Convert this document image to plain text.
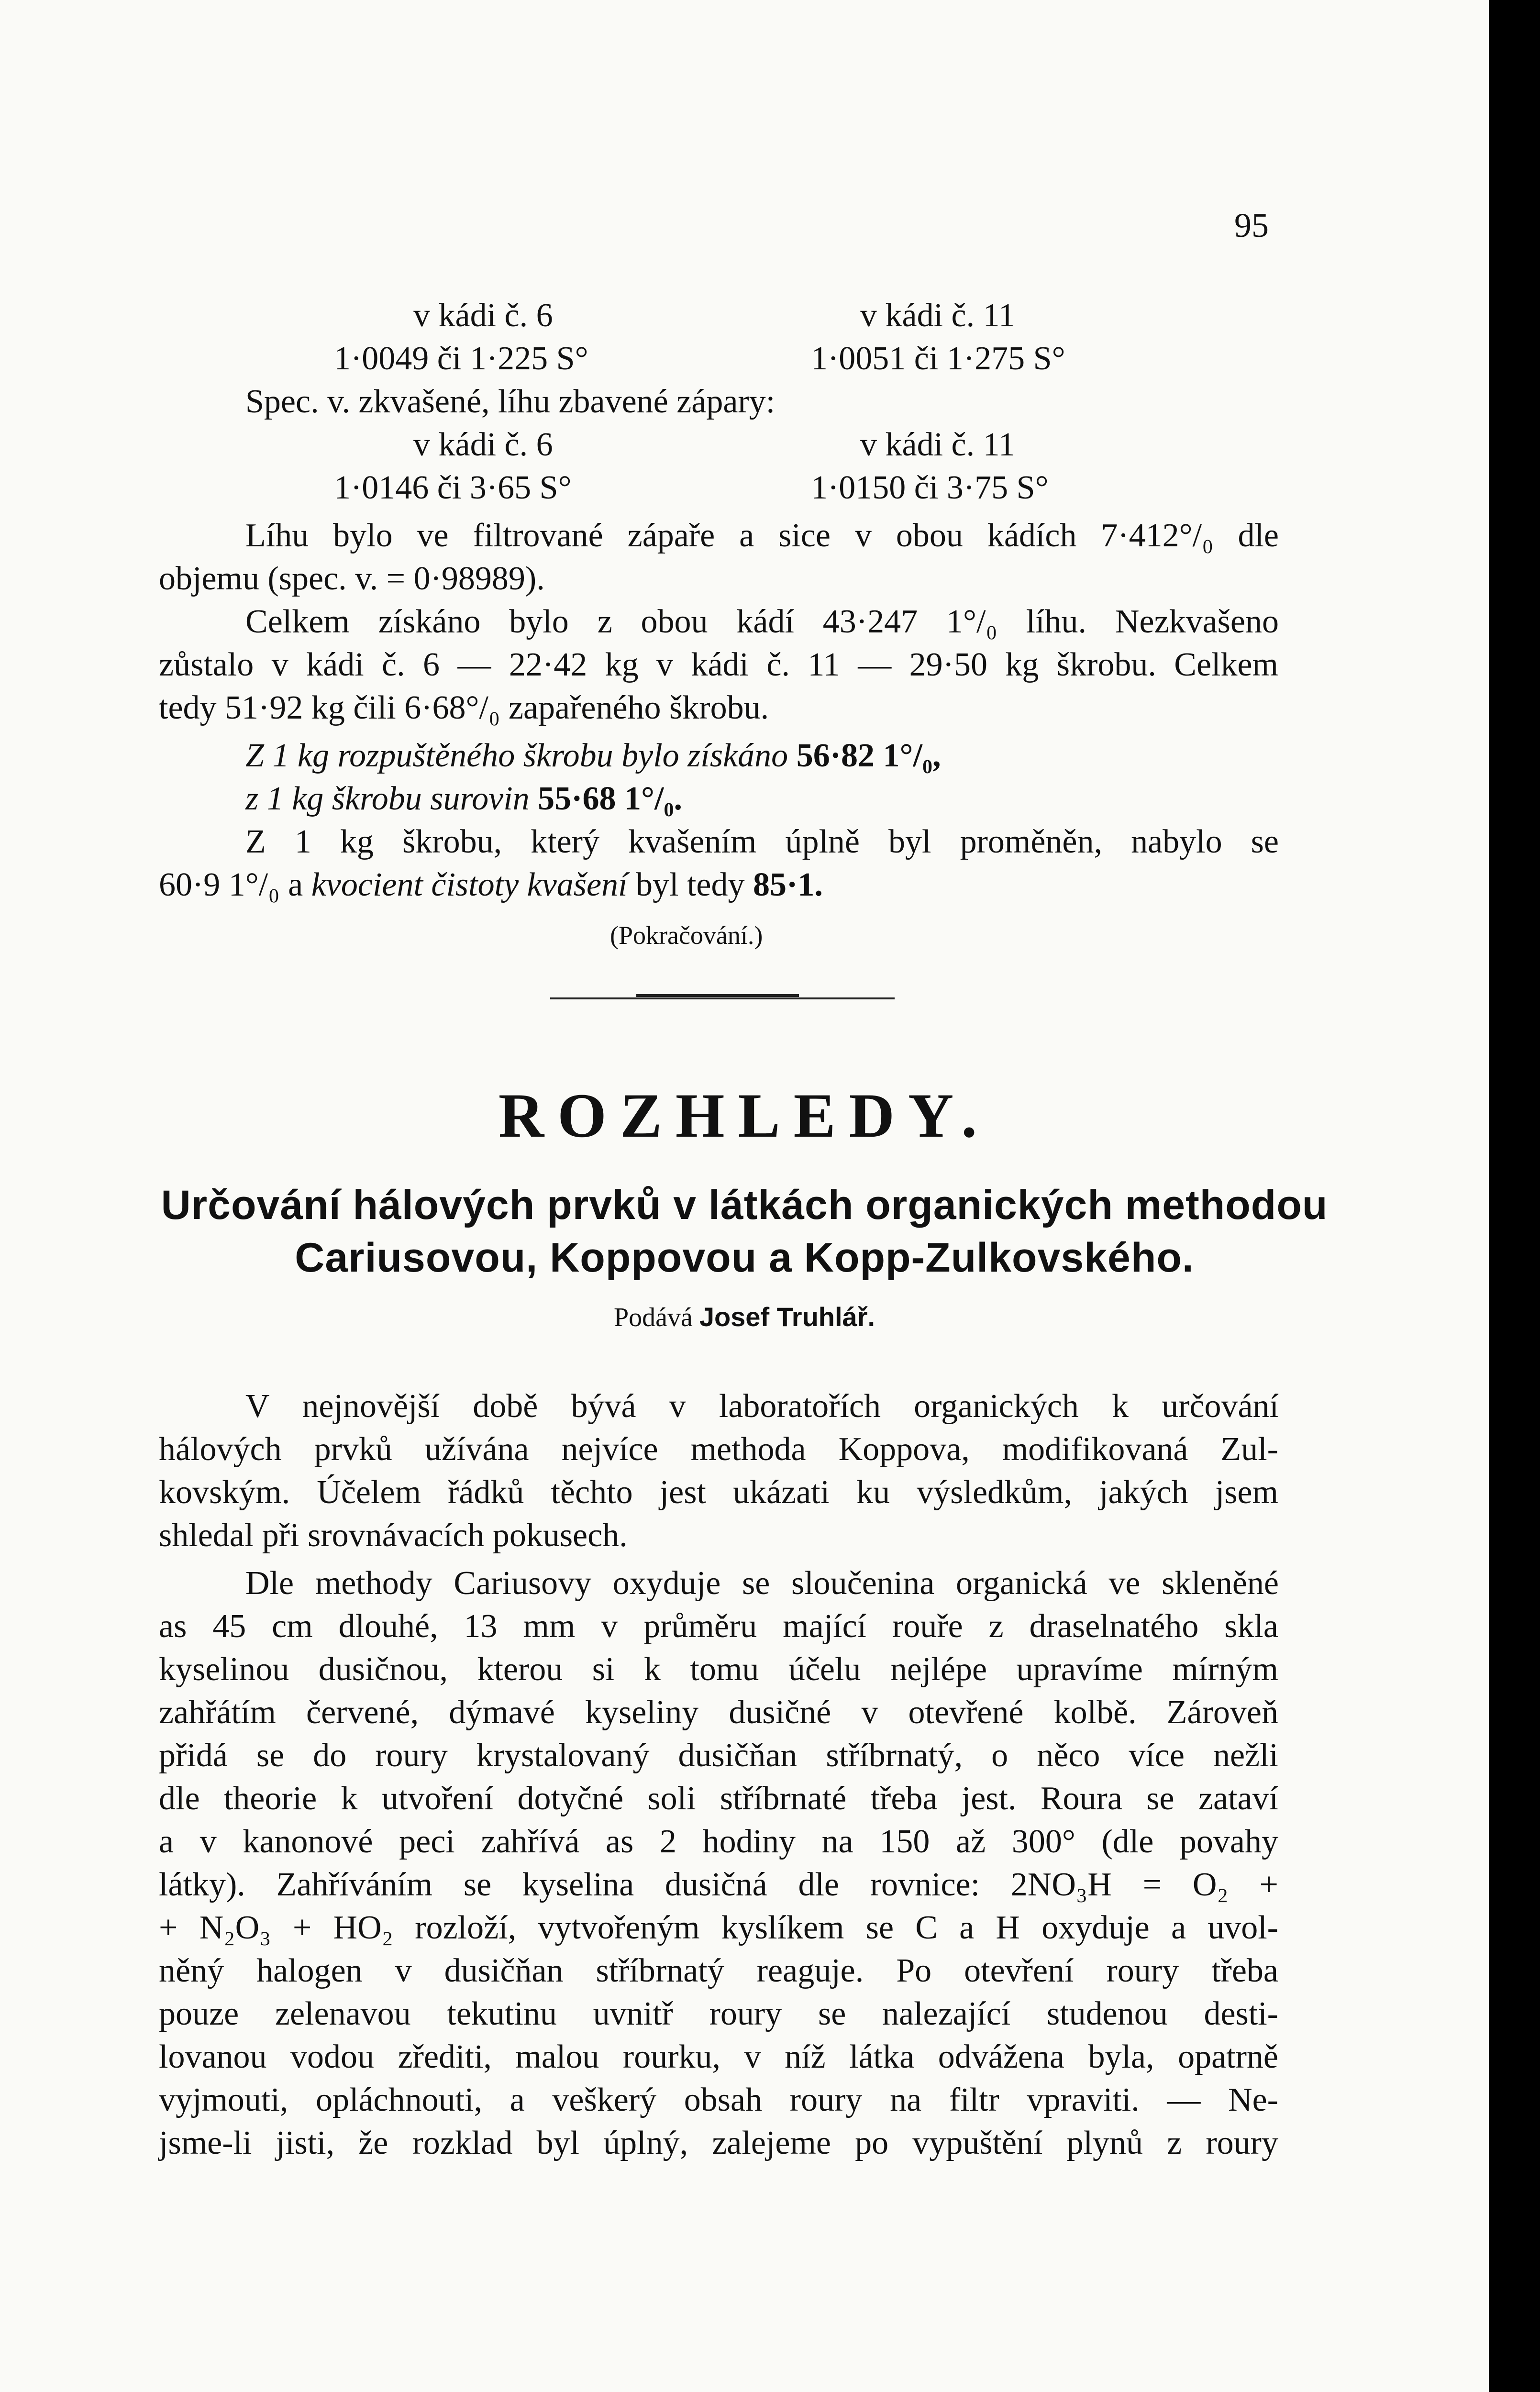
95
v kádi č. 6	v kádi č. 11
1·0049 či 1·225 S°	1·0051 či 1·275 S°
Spec. v. zkvašené, líhu zbavené zápary:
v kádi č. 6	v kádi č. 11
1·0146 či 3·65 S°	1·0150 či 3·75 S°
Líhu bylo ve filtrované zápaře a sice v obou kádích 7·412°/₀ dle
objemu (spec. v. = 0·98989).
Celkem získáno bylo z obou kádí 43·247 1°/₀ líhu. Nezkvašeno
zůstalo v kádi č. 6 — 22·42 kg v kádi č. 11 — 29·50 kg škrobu. Celkem
tedy 51·92 kg čili 6·68°/₀ zapařeného škrobu.
Z 1 kg rozpuštěného škrobu bylo získáno 56·82 1°/₀,
z 1 kg škrobu surovin 55·68 1°/₀.
Z 1 kg škrobu, který kvašením úplně byl proměněn, nabylo se
60·9 1°/₀ a kvocient čistoty kvašení byl tedy 85·1.
(Pokračování.)
ROZHLEDY.
Určování hálových prvků v látkách organických methodou
Cariusovou, Koppovou a Kopp-Zulkovského.
Podává Josef Truhlář.
V nejnovější době bývá v laboratořích organických k určování
hálových prvků užívána nejvíce methoda Koppova, modifikovaná Zul-
kovským. Účelem řádků těchto jest ukázati ku výsledkům, jakých jsem
shledal při srovnávacích pokusech.
Dle methody Cariusovy oxyduje se sloučenina organická ve skleněné
as 45 cm dlouhé, 13 mm v průměru mající rouře z draselnatého skla
kyselinou dusičnou, kterou si k tomu účelu nejlépe upravíme mírným
zahřátím červené, dýmavé kyseliny dusičné v otevřené kolbě. Zároveň
přidá se do roury krystalovaný dusičňan stříbrnatý, o něco více nežli
dle theorie k utvoření dotyčné soli stříbrnaté třeba jest. Roura se zataví
a v kanonové peci zahřívá as 2 hodiny na 150 až 300° (dle povahy
látky). Zahříváním se kyselina dusičná dle rovnice: 2NO₃H = O₂ +
+ N₂O₃ + HO₂ rozloží, vytvořeným kyslíkem se C a H oxyduje a uvol-
něný halogen v dusičňan stříbrnatý reaguje. Po otevření roury třeba
pouze zelenavou tekutinu uvnitř roury se nalezající studenou desti-
lovanou vodou zřediti, malou rourku, v níž látka odvážena byla, opatrně
vyjmouti, opláchnouti, a veškerý obsah roury na filtr vpraviti. — Ne-
jsme-li jisti, že rozklad byl úplný, zalejeme po vypuštění plynů z roury
